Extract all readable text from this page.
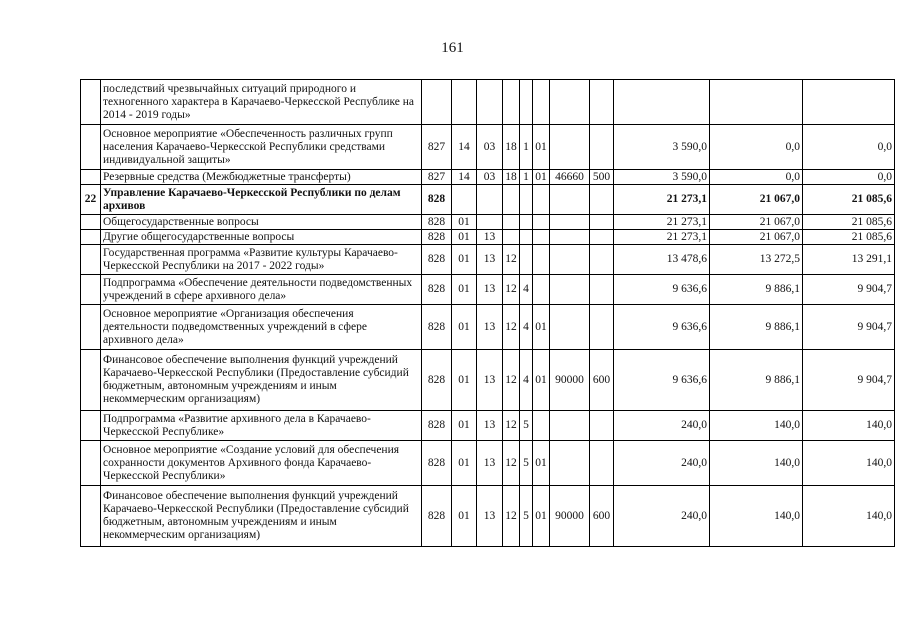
161
	последствий чрезвычайных ситуаций природного и техногенного характера в Карачаево-Черкесской Республике на 2014 - 2019 годы»											
	Основное мероприятие «Обеспеченность различных групп населения Карачаево-Черкесской Республики средствами индивидуальной защиты»	827	14	03	18	1	01			3 590,0	0,0	0,0
	Резервные средства (Межбюджетные трансферты)	827	14	03	18	1	01	46660	500	3 590,0	0,0	0,0
22	Управление Карачаево-Черкесской Республики по делам архивов	828								21 273,1	21 067,0	21 085,6
	Общегосударственные вопросы	828	01							21 273,1	21 067,0	21 085,6
	Другие общегосударственные вопросы	828	01	13						21 273,1	21 067,0	21 085,6
	Государственная программа «Развитие культуры Карачаево-Черкесской Республики на 2017 - 2022 годы»	828	01	13	12					13 478,6	13 272,5	13 291,1
	Подпрограмма «Обеспечение деятельности подведомственных учреждений в сфере архивного дела»	828	01	13	12	4				9 636,6	9 886,1	9 904,7
	Основное мероприятие «Организация обеспечения деятельности подведомственных учреждений в сфере архивного дела»	828	01	13	12	4	01			9 636,6	9 886,1	9 904,7
	Финансовое обеспечение выполнения функций учреждений Карачаево-Черкесской Республики (Предоставление субсидий бюджетным, автономным учреждениям и иным некоммерческим организациям)	828	01	13	12	4	01	90000	600	9 636,6	9 886,1	9 904,7
	Подпрограмма «Развитие архивного дела в Карачаево-Черкесской Республике»	828	01	13	12	5				240,0	140,0	140,0
	Основное мероприятие «Создание условий для обеспечения сохранности документов Архивного фонда Карачаево-Черкесской Республики»	828	01	13	12	5	01			240,0	140,0	140,0
	Финансовое обеспечение выполнения функций учреждений Карачаево-Черкесской Республики (Предоставление субсидий бюджетным, автономным учреждениям и иным некоммерческим организациям)	828	01	13	12	5	01	90000	600	240,0	140,0	140,0
